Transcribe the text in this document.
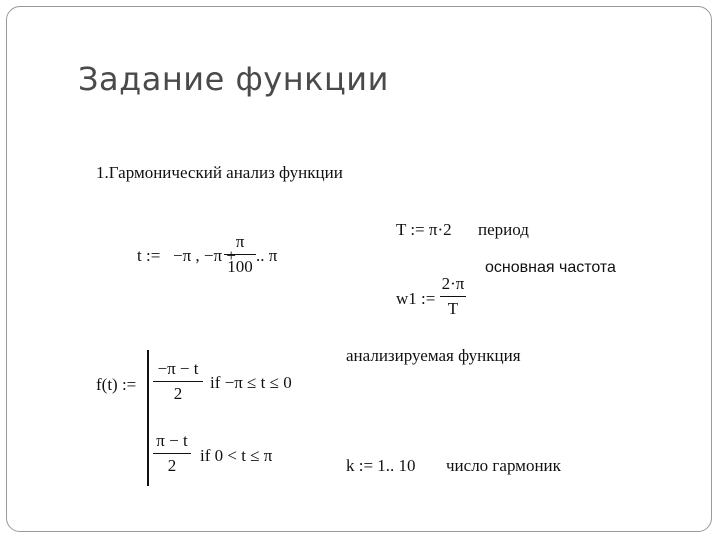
Задание функции
1.Гармонический анализ функции
t := −π , −π +
π
100
.. π
T := π·2 период
w1 :=
2·π
T
основная частота
анализируемая функция
f(t) :=
−π − t
2
if −π ≤ t ≤ 0
π − t
2
if 0 < t ≤ π
k := 1.. 10 число гармоник
